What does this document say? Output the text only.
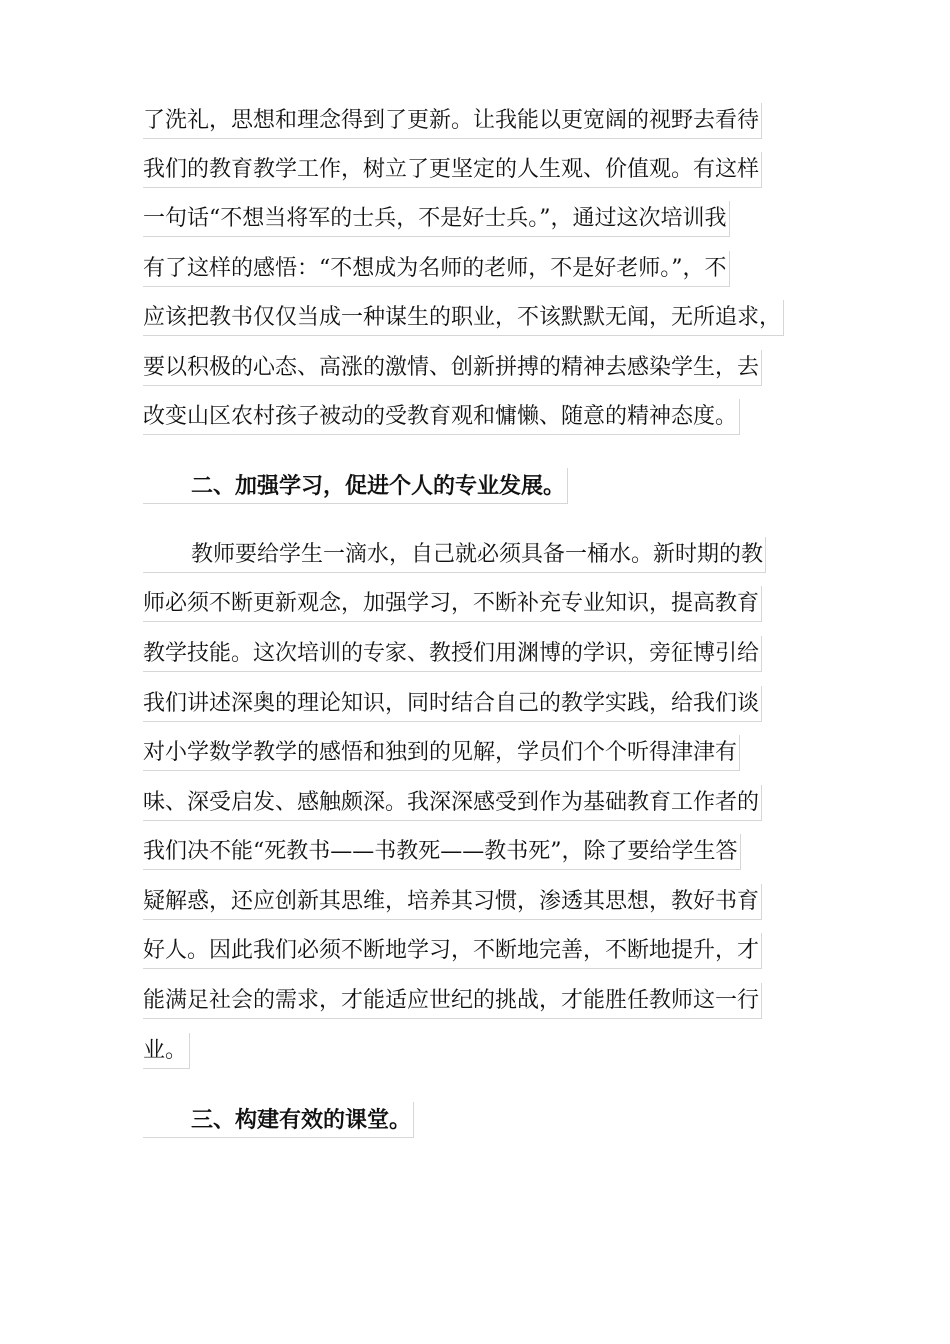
了洗礼，思想和理念得到了更新。让我能以更宽阔的视野去看待
我们的教育教学工作，树立了更坚定的人生观、价值观。有这样
一句话“不想当将军的士兵，不是好士兵。”，通过这次培训我
有了这样的感悟：“不想成为名师的老师，不是好老师。”，不
应该把教书仅仅当成一种谋生的职业，不该默默无闻，无所追求，
要以积极的心态、高涨的激情、创新拼搏的精神去感染学生，去
改变山区农村孩子被动的受教育观和慵懒、随意的精神态度。
二、加强学习，促进个人的专业发展。
教师要给学生一滴水，自己就必须具备一桶水。新时期的教
师必须不断更新观念，加强学习，不断补充专业知识，提高教育
教学技能。这次培训的专家、教授们用渊博的学识，旁征博引给
我们讲述深奥的理论知识，同时结合自己的教学实践，给我们谈
对小学数学教学的感悟和独到的见解，学员们个个听得津津有
味、深受启发、感触颇深。我深深感受到作为基础教育工作者的
我们决不能“死教书——书教死——教书死”，除了要给学生答
疑解惑，还应创新其思维，培养其习惯，渗透其思想，教好书育
好人。因此我们必须不断地学习，不断地完善，不断地提升，才
能满足社会的需求，才能适应世纪的挑战，才能胜任教师这一行
业。
三、构建有效的课堂。
